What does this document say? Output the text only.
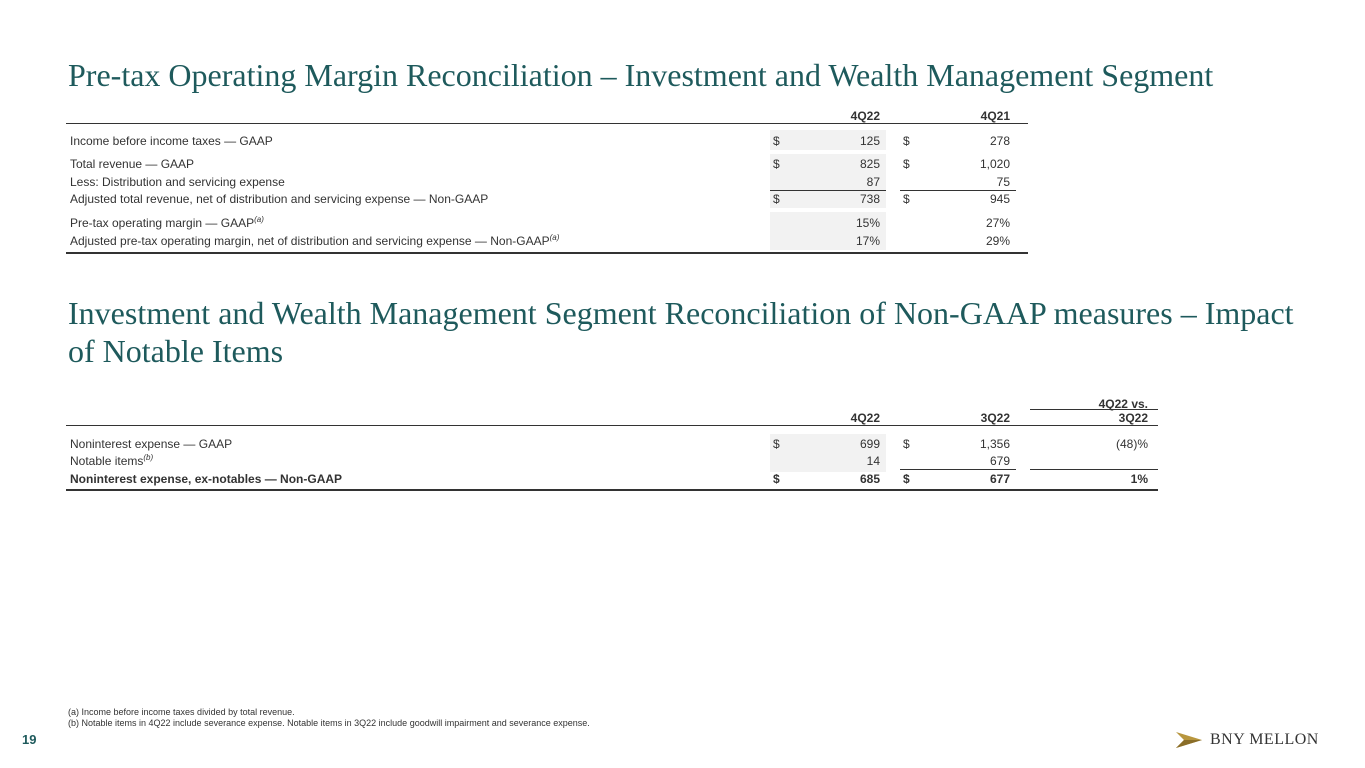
Pre-tax Operating Margin Reconciliation – Investment and Wealth Management Segment
4Q22	4Q21
Income before income taxes — GAAP	$	125 $	278
Total revenue — GAAP	$	825 $	1,020
Less: Distribution and servicing expense	87	75
Adjusted total revenue, net of distribution and servicing expense — Non-GAAP	$	738 $	945
Pre-tax operating margin — GAAP$^{(a)}$	15%	27%
Adjusted pre-tax operating margin, net of distribution and servicing expense — Non-GAAP$^{(a)}$	17%	29%
Investment and Wealth Management Segment Reconciliation of Non-GAAP measures – Impact of Notable Items
4Q22 vs.
4Q22	3Q22	3Q22
Noninterest expense — GAAP	$	699 $	1,356	(48)%
Notable items$^{(b)}$	14	679
Noninterest expense, ex-notables — Non-GAAP	$	685 $	677	1%
(a) Income before income taxes divided by total revenue.
(b) Notable items in 4Q22 include severance expense. Notable items in 3Q22 include goodwill impairment and severance expense.
19	BNY MELLON
